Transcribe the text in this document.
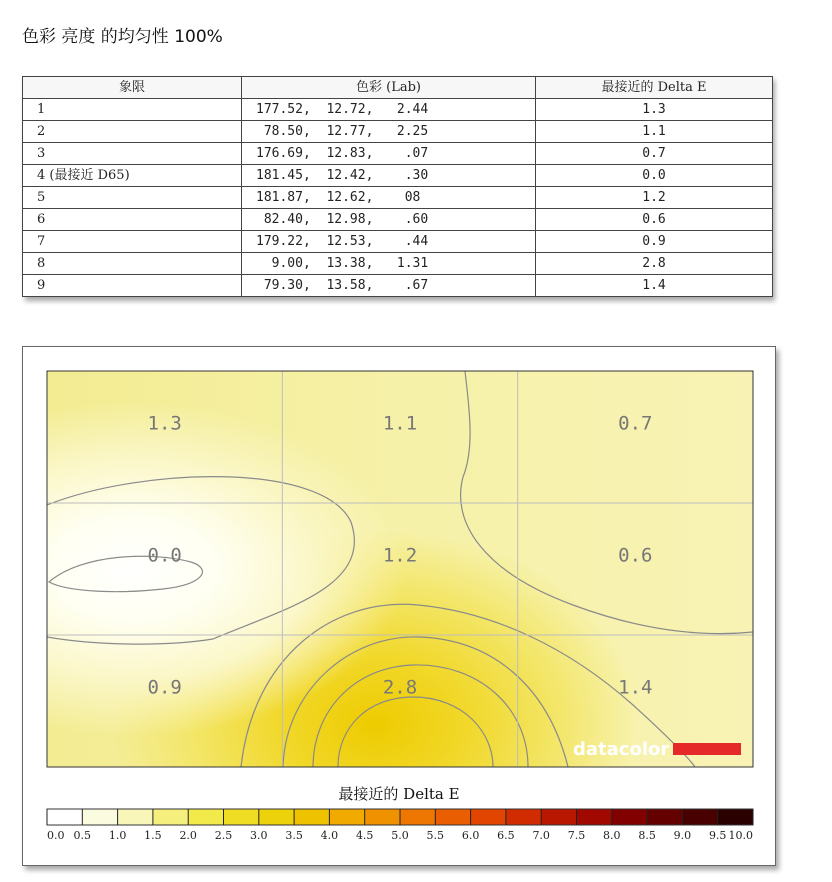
色彩 亮度 的均匀性 100%
象限	色彩 (Lab)	最接近的 Delta E
1	177.52,  12.72,   2.44	1.3
2	78.50,  12.77,   2.25	1.1
3	176.69,  12.83,    .07	0.7
4 (最接近 D65)	181.45,  12.42,    .30	0.0
5	181.87,  12.62,    08	1.2
6	82.40,  12.98,    .60	0.6
7	179.22,  12.53,    .44	0.9
8	9.00,  13.38,   1.31	2.8
9	79.30,  13.58,    .67	1.4
1.3	1.1	0.7
0.0	1.2	0.6
0.9	2.8	1.4
datacolor
最接近的 Delta E
0.0 0.5 1.0 1.5 2.0 2.5 3.0 3.5 4.0 4.5 5.0 5.5 6.0 6.5 7.0 7.5 8.0 8.5 9.0 9.5 10.0
